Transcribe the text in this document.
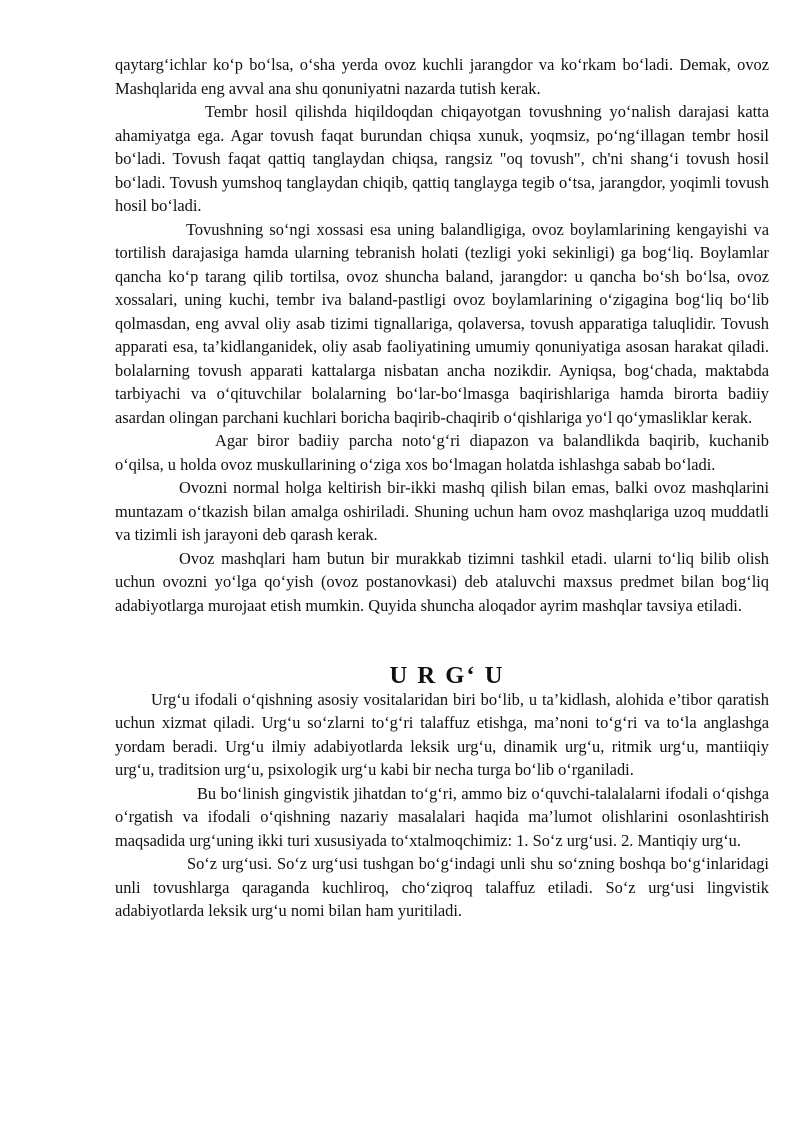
qaytarg‘ichlar ko‘p bo‘lsa, o‘sha yerda ovoz kuchli jarangdor va ko‘rkam bo‘ladi. Demak, ovoz Mashqlarida eng avval ana shu qonuniyatni nazarda tutish kerak.

Tembr hosil qilishda hiqildoqdan chiqayotgan tovushning yo‘nalish darajasi katta ahamiyatga ega. Agar tovush faqat burundan chiqsa xunuk, yoqmsiz, po‘ng‘illagan tembr hosil bo‘ladi. Tovush faqat qattiq tanglaydan chiqsa, rangsiz "oq tovush", ch'ni shang‘i tovush hosil bo‘ladi. Tovush yumshoq tanglaydan chiqib, qattiq tanglayga tegib o‘tsa, jarangdor, yoqimli tovush hosil bo‘ladi.

Tovushning so‘ngi xossasi esa uning balandligiga, ovoz boylamlarining kengayishi va tortilish darajasiga hamda ularning tebranish holati (tezligi yoki sekinligi) ga bog‘liq. Boylamlar qancha ko‘p tarang qilib tortilsa, ovoz shuncha baland, jarangdor: u qancha bo‘sh bo‘lsa, ovoz xossalari, uning kuchi, tembr iva baland-pastligi ovoz boylamlarining o‘zigagina bog‘liq bo‘lib qolmasdan, eng avval oliy asab tizimi tignallariga, qolaversa, tovush apparatiga taluqlidir. Tovush apparati esa, ta’kidlanganidek, oliy asab faoliyatining umumiy qonuniyatiga asosan harakat qiladi. bolalarning tovush apparati kattalarga nisbatan ancha nozikdir. Ayniqsa, bog‘chada, maktabda tarbiyachi va o‘qituvchilar bolalarning bo‘lar-bo‘lmasga baqirishlariga hamda birorta badiiy asardan olingan parchani kuchlari boricha baqirib-chaqirib o‘qishlariga yo‘l qo‘ymasliklar kerak.

Agar biror badiiy parcha noto‘g‘ri diapazon va balandlikda baqirib, kuchanib o‘qilsa, u holda ovoz muskullarining o‘ziga xos bo‘lmagan holatda ishlashga sabab bo‘ladi.

Ovozni normal holga keltirish bir-ikki mashq qilish bilan emas, balki ovoz mashqlarini muntazam o‘tkazish bilan amalga oshiriladi. Shuning uchun ham ovoz mashqlariga uzoq muddatli va tizimli ish jarayoni deb qarash kerak.

Ovoz mashqlari ham butun bir murakkab tizimni tashkil etadi. ularni to‘liq bilib olish uchun ovozni yo‘lga qo‘yish (ovoz postanovkasi) deb ataluvchi maxsus predmet bilan bog‘liq adabiyotlarga murojaat etish mumkin. Quyida shuncha aloqador ayrim mashqlar tavsiya etiladi.

U R G‘ U

Urg‘u ifodali o‘qishning asosiy vositalaridan biri bo‘lib, u ta’kidlash, alohida e’tibor qaratish uchun xizmat qiladi. Urg‘u so‘zlarni to‘g‘ri talaffuz etishga, ma’noni to‘g‘ri va to‘la anglashga yordam beradi. Urg‘u ilmiy adabiyotlarda leksik urg‘u, dinamik urg‘u, ritmik urg‘u, mantiiqiy urg‘u, traditsion urg‘u, psixologik urg‘u kabi bir necha turga bo‘lib o‘rganiladi.

Bu bo‘linish gingvistik jihatdan to‘g‘ri, ammo biz o‘quvchi-talalalarni ifodali o‘qishga o‘rgatish va ifodali o‘qishning nazariy masalalari haqida ma’lumot olishlarini osonlashtirish maqsadida urg‘uning ikki turi xususiyada to‘xtalmoqchimiz: 1. So‘z urg‘usi. 2. Mantiqiy urg‘u.

So‘z urg‘usi. So‘z urg‘usi tushgan bo‘g‘indagi unli shu so‘zning boshqa bo‘g‘inlaridagi unli tovushlarga qaraganda kuchliroq, cho‘ziqroq talaffuz etiladi. So‘z urg‘usi lingvistik adabiyotlarda leksik urg‘u nomi bilan ham yuritiladi.
